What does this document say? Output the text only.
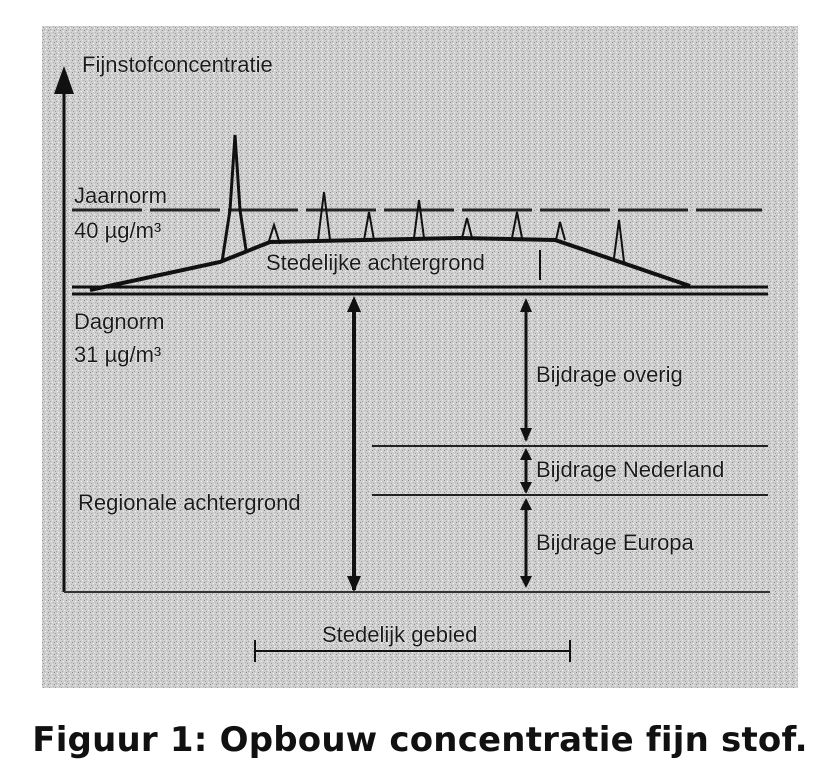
Fijnstofconcentratie
Jaarnorm
40 µg/m³
Stedelijke achtergrond
Dagnorm
31 µg/m³
Bijdrage overig
Bijdrage Nederland
Regionale achtergrond
Bijdrage Europa
Stedelijk gebied
Figuur 1: Opbouw concentratie fijn stof.
